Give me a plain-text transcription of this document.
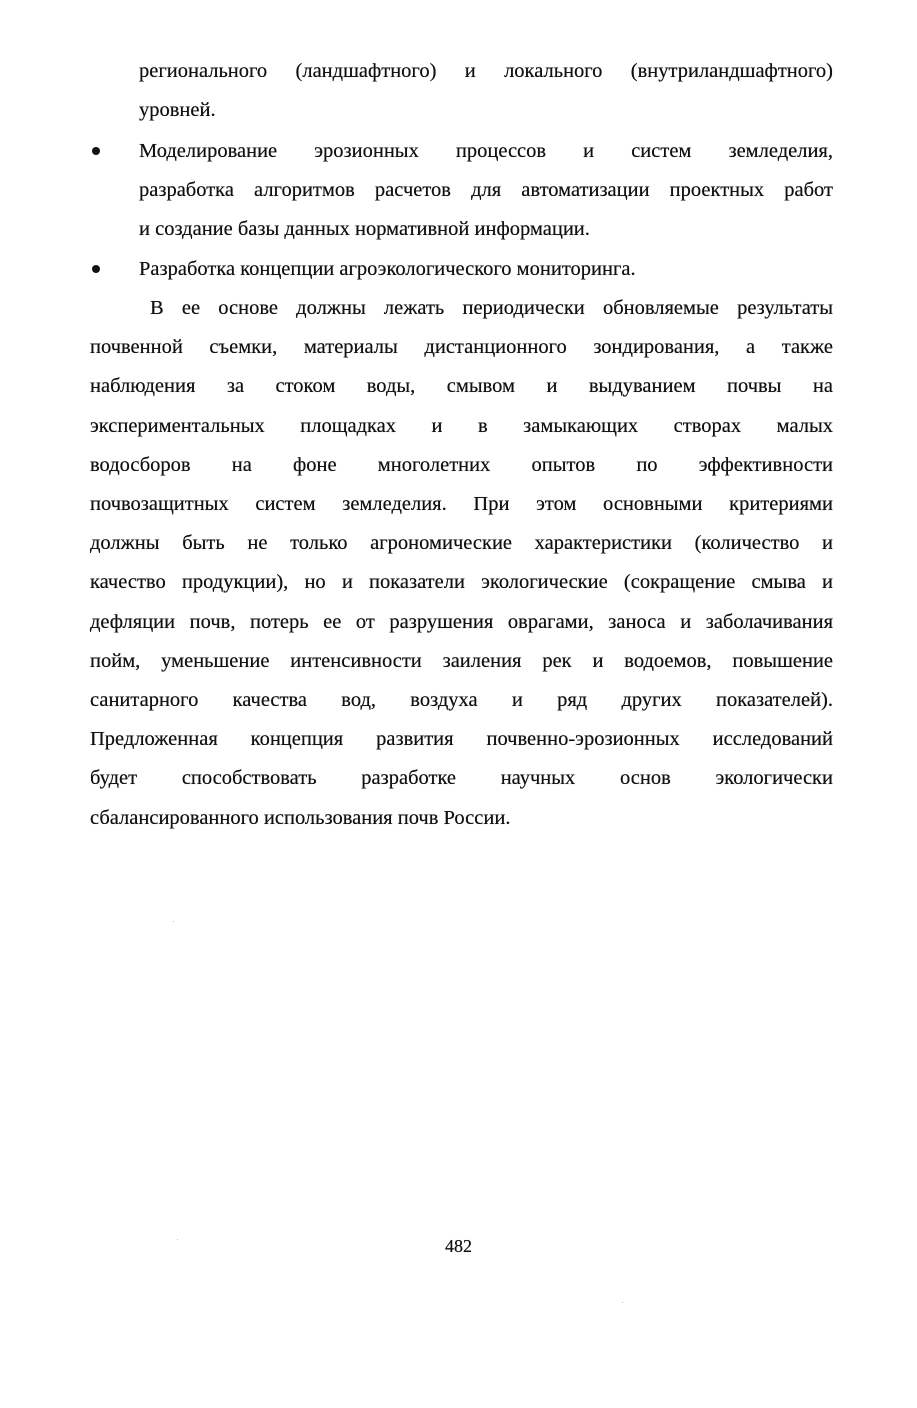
регионального (ландшафтного) и локального (внутриландшафтного)
уровней.
Моделирование эрозионных процессов и систем земледелия,
разработка алгоритмов расчетов для автоматизации проектных работ
и создание базы данных нормативной информации.
Разработка концепции агроэкологического мониторинга.
В ее основе должны лежать периодически обновляемые результаты
почвенной съемки, материалы дистанционного зондирования, а также
наблюдения за стоком воды, смывом и выдуванием почвы на
экспериментальных площадках и в замыкающих створах малых
водосборов на фоне многолетних опытов по эффективности
почвозащитных систем земледелия. При этом основными критериями
должны быть не только агрономические характеристики (количество и
качество продукции), но и показатели экологические (сокращение смыва и
дефляции почв, потерь ее от разрушения оврагами, заноса и заболачивания
пойм, уменьшение интенсивности заиления рек и водоемов, повышение
санитарного качества вод, воздуха и ряд других показателей).
Предложенная концепция развития почвенно-эрозионных исследований
будет способствовать разработке научных основ экологически
сбалансированного использования почв России.
482
